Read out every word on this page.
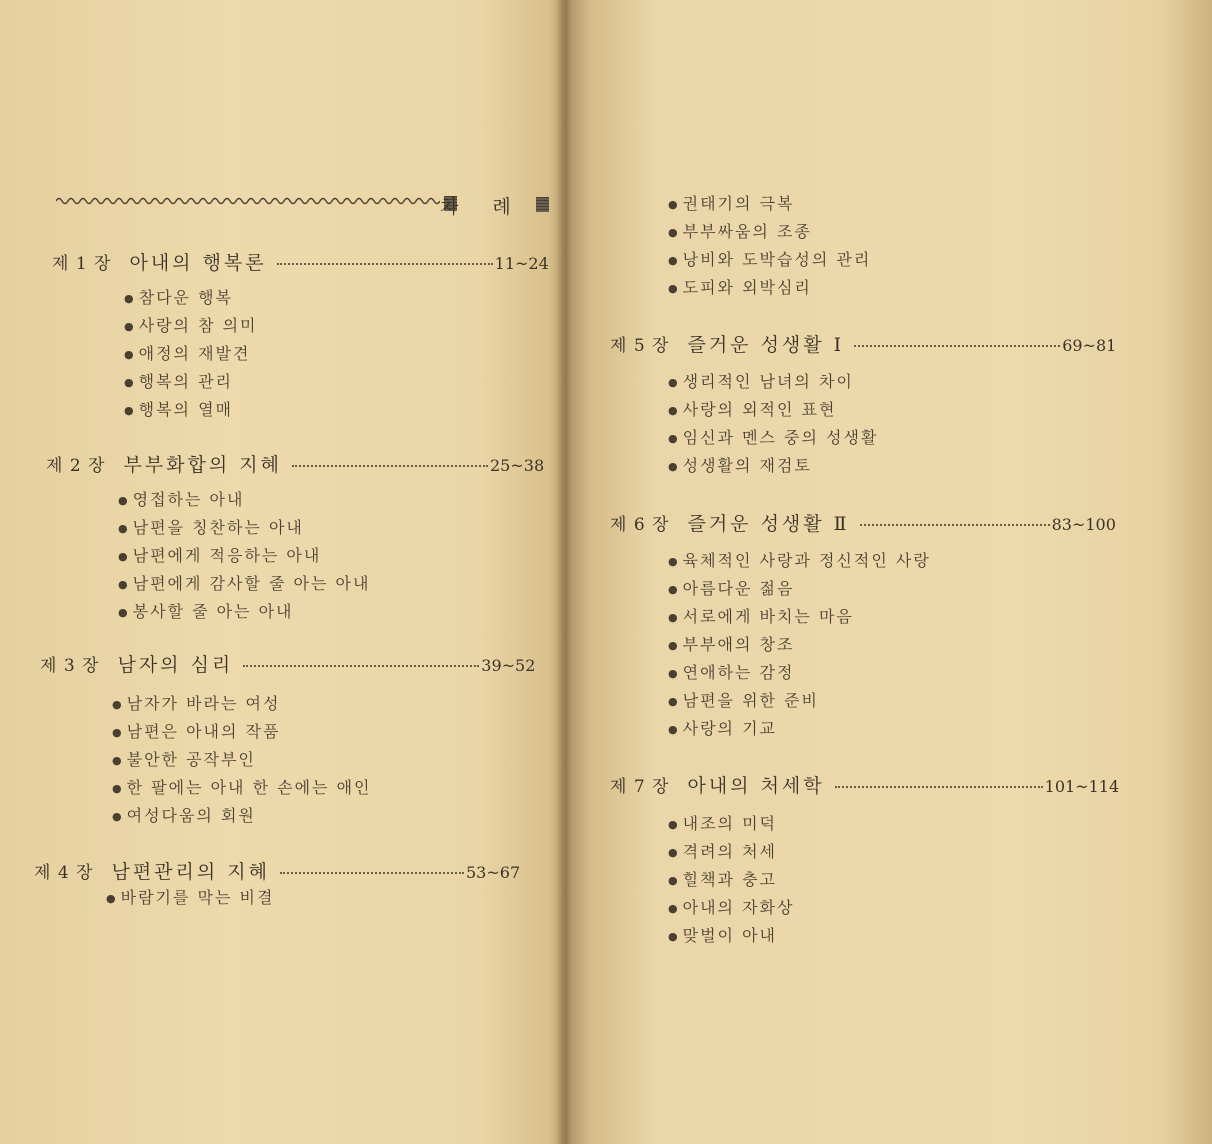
차 례
제 1 장 아내의 행복론	11~24
● 참다운 행복
● 사랑의 참 의미
● 애정의 재발견
● 행복의 관리
● 행복의 열매
제 2 장 부부화합의 지혜	25~38
● 영접하는 아내
● 남편을 칭찬하는 아내
● 남편에게 적응하는 아내
● 남편에게 감사할 줄 아는 아내
● 봉사할 줄 아는 아내
제 3 장 남자의 심리	39~52
● 남자가 바라는 여성
● 남편은 아내의 작품
● 불안한 공작부인
● 한 팔에는 아내 한 손에는 애인
● 여성다움의 회원
제 4 장 남편관리의 지혜	53~67
● 바람기를 막는 비결
● 권태기의 극복
● 부부싸움의 조종
● 낭비와 도박습성의 관리
● 도피와 외박심리
제 5 장 즐거운 성생활 Ⅰ	69~81
● 생리적인 남녀의 차이
● 사랑의 외적인 표현
● 임신과 멘스 중의 성생활
● 성생활의 재검토
제 6 장 즐거운 성생활 Ⅱ	83~100
● 육체적인 사랑과 정신적인 사랑
● 아름다운 젊음
● 서로에게 바치는 마음
● 부부애의 창조
● 연애하는 감정
● 남편을 위한 준비
● 사랑의 기교
제 7 장 아내의 처세학	101~114
● 내조의 미덕
● 격려의 처세
● 힐책과 충고
● 아내의 자화상
● 맞벌이 아내
